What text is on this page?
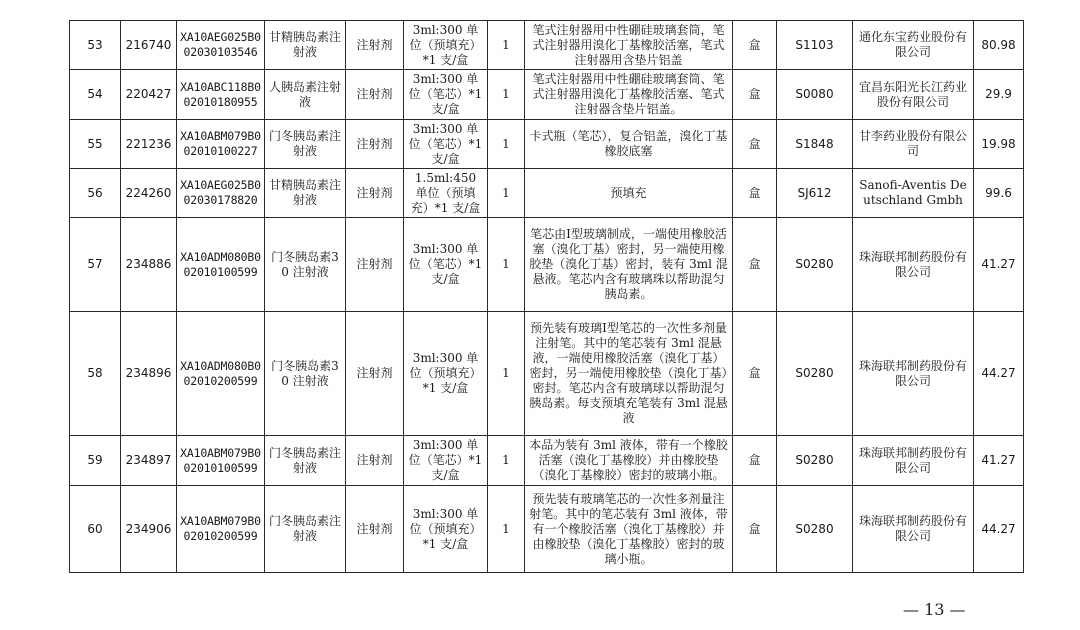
53	216740	XA10AEG025B002030103546	甘精胰岛素注射液	注射剂	3ml:300 单位（预填充）*1 支/盒	1	笔式注射器用中性硼硅玻璃套筒，笔式注射器用溴化丁基橡胶活塞，笔式注射器用含垫片铝盖	盒	S1103	通化东宝药业股份有限公司	80.98
54	220427	XA10ABC118B002010180955	人胰岛素注射液	注射剂	3ml:300 单位（笔芯）*1 支/盒	1	笔式注射器用中性硼硅玻璃套筒、笔式注射器用溴化丁基橡胶活塞、笔式注射器含垫片铝盖。	盒	S0080	宜昌东阳光长江药业股份有限公司	29.9
55	221236	XA10ABM079B002010100227	门冬胰岛素注射液	注射剂	3ml:300 单位（笔芯）*1 支/盒	1	卡式瓶（笔芯），复合铝盖，溴化丁基橡胶底塞	盒	S1848	甘李药业股份有限公司	19.98
56	224260	XA10AEG025B002030178820	甘精胰岛素注射液	注射剂	1.5ml:450 单位（预填充）*1 支/盒	1	预填充	盒	SJ612	Sanofi-Aventis Deutschland Gmbh	99.6
57	234886	XA10ADM080B002010100599	门冬胰岛素30 注射液	注射剂	3ml:300 单位（笔芯）*1 支/盒	1	笔芯由Ⅰ型玻璃制成，一端使用橡胶活塞（溴化丁基）密封，另一端使用橡胶垫（溴化丁基）密封，装有 3ml 混悬液。笔芯内含有玻璃珠以帮助混匀胰岛素。	盒	S0280	珠海联邦制药股份有限公司	41.27
58	234896	XA10ADM080B002010200599	门冬胰岛素30 注射液	注射剂	3ml:300 单位（预填充）*1 支/盒	1	预先装有玻璃Ⅰ型笔芯的一次性多剂量注射笔。其中的笔芯装有 3ml 混悬液，一端使用橡胶活塞（溴化丁基）密封，另一端使用橡胶垫（溴化丁基）密封。笔芯内含有玻璃球以帮助混匀胰岛素。每支预填充笔装有 3ml 混悬液	盒	S0280	珠海联邦制药股份有限公司	44.27
59	234897	XA10ABM079B002010100599	门冬胰岛素注射液	注射剂	3ml:300 单位（笔芯）*1 支/盒	1	本品为装有 3ml 液体，带有一个橡胶活塞（溴化丁基橡胶）并由橡胶垫（溴化丁基橡胶）密封的玻璃小瓶。	盒	S0280	珠海联邦制药股份有限公司	41.27
60	234906	XA10ABM079B002010200599	门冬胰岛素注射液	注射剂	3ml:300 单位（预填充）*1 支/盒	1	预先装有玻璃笔芯的一次性多剂量注射笔。其中的笔芯装有 3ml 液体，带有一个橡胶活塞（溴化丁基橡胶）并由橡胶垫（溴化丁基橡胶）密封的玻璃小瓶。	盒	S0280	珠海联邦制药股份有限公司	44.27
— 13 —
